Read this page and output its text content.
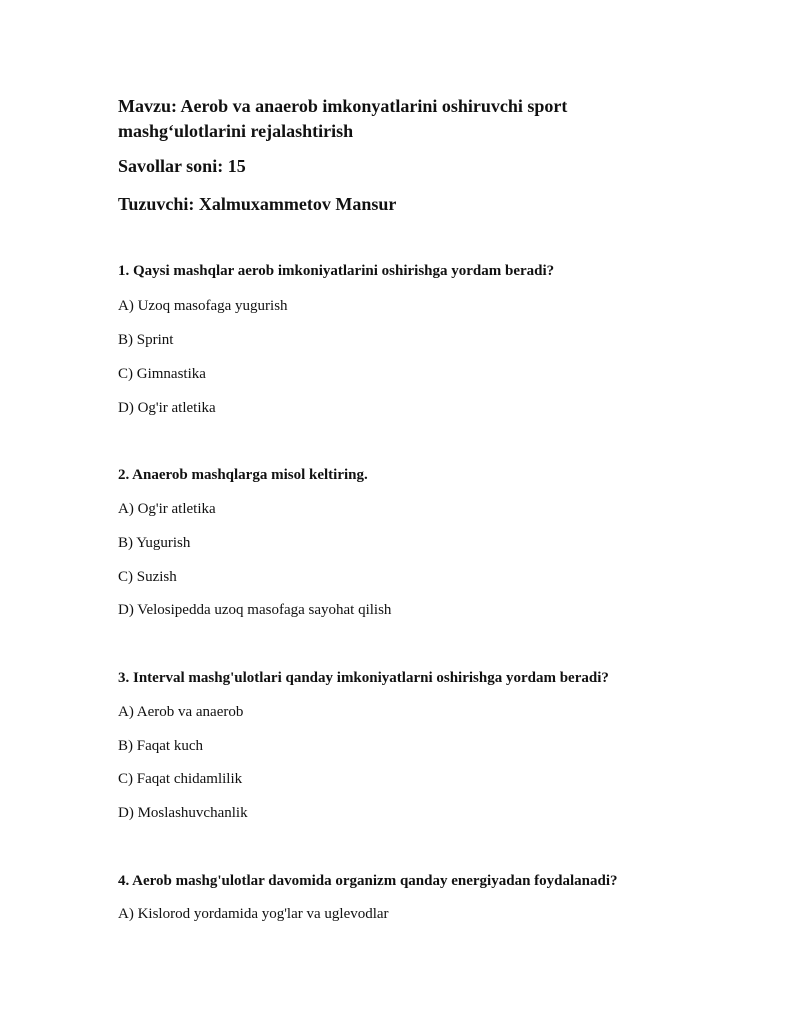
Mavzu: Aerob va anaerob imkonyatlarini oshiruvchi sport
mashg‘ulotlarini rejalashtirish
Savollar soni: 15
Tuzuvchi: Xalmuxammetov Mansur
1. Qaysi mashqlar aerob imkoniyatlarini oshirishga yordam beradi?
A) Uzoq masofaga yugurish
B) Sprint
C) Gimnastika
D) Og'ir atletika
2. Anaerob mashqlarga misol keltiring.
A) Og'ir atletika
B) Yugurish
C) Suzish
D) Velosipedda uzoq masofaga sayohat qilish
3. Interval mashg'ulotlari qanday imkoniyatlarni oshirishga yordam beradi?
A) Aerob va anaerob
B) Faqat kuch
C) Faqat chidamlilik
D) Moslashuvchanlik
4. Aerob mashg'ulotlar davomida organizm qanday energiyadan foydalanadi?
A) Kislorod yordamida yog'lar va uglevodlar
